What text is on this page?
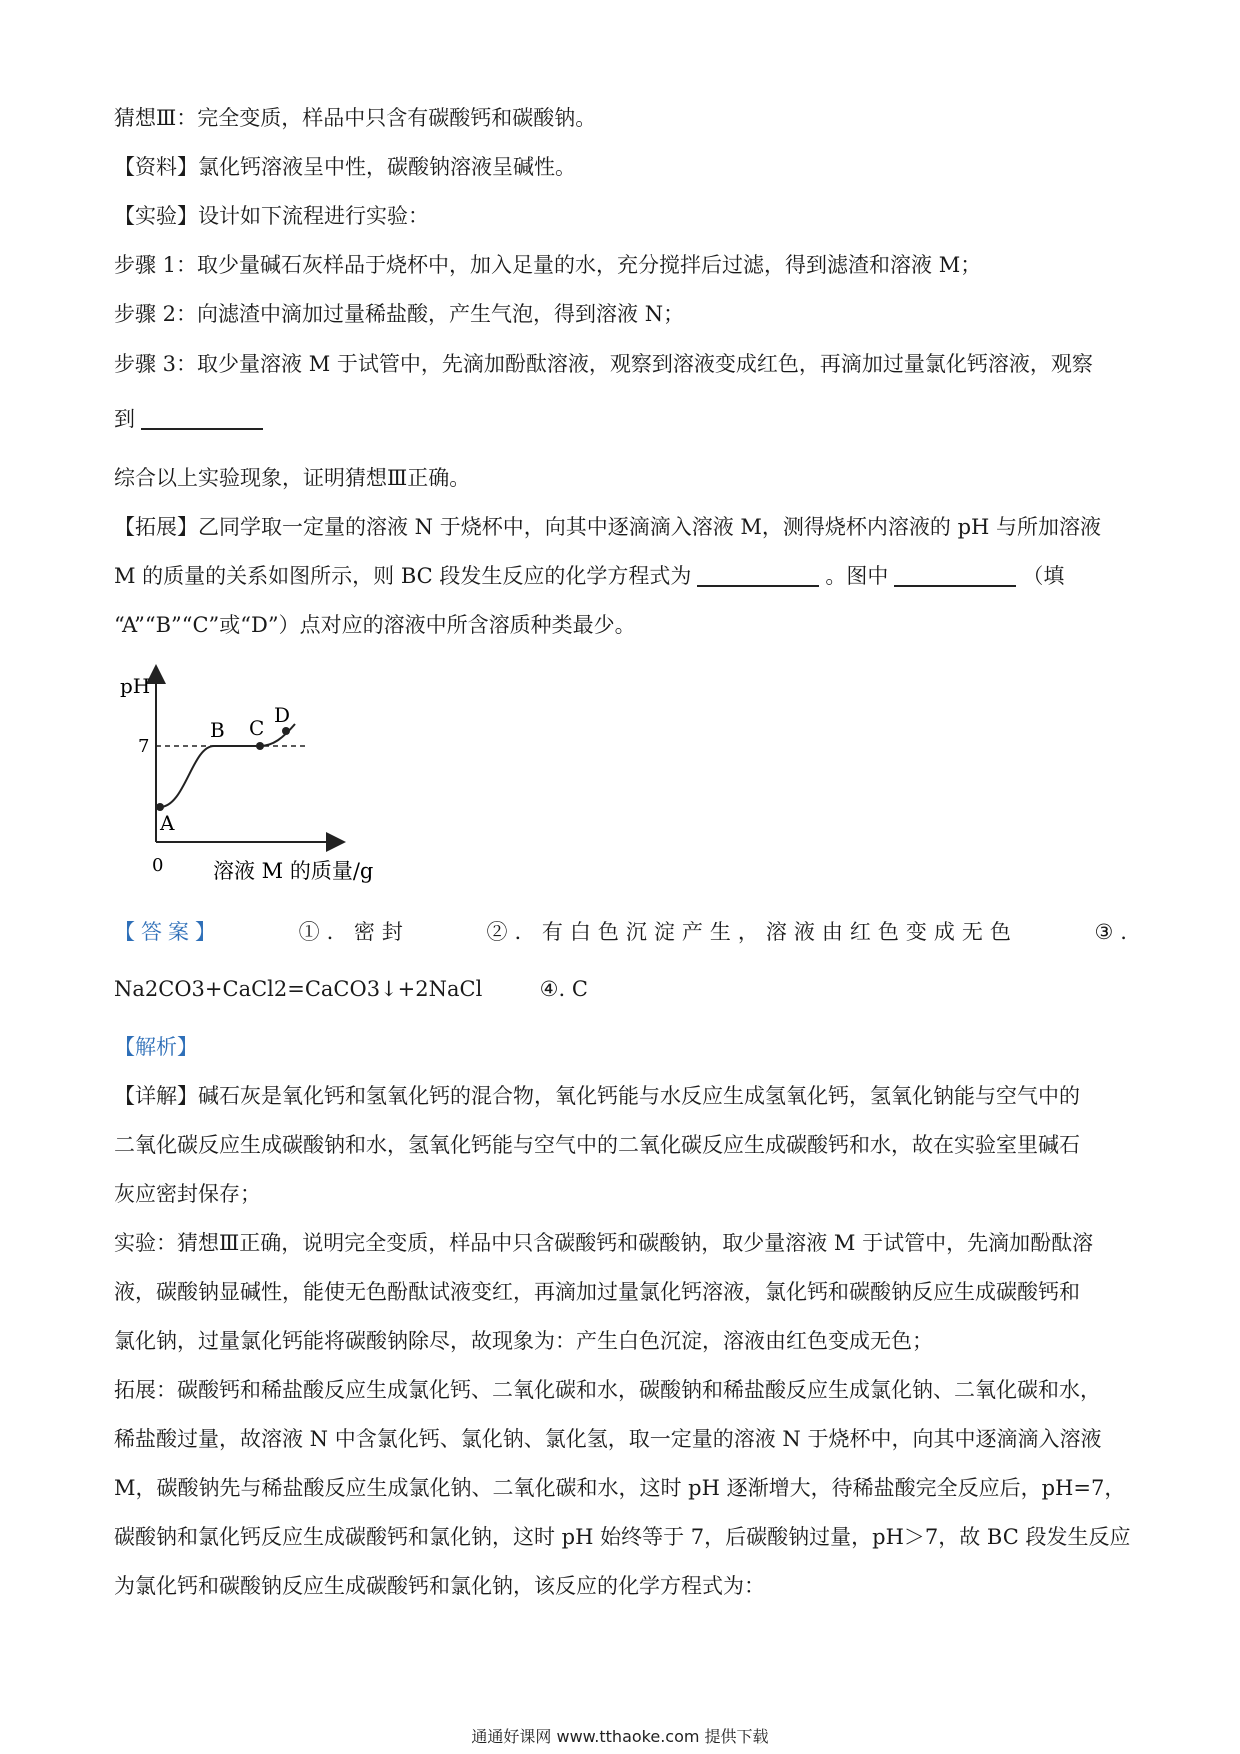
猜想Ⅲ：完全变质，样品中只含有碳酸钙和碳酸钠。
【资料】氯化钙溶液呈中性，碳酸钠溶液呈碱性。
【实验】设计如下流程进行实验：
步骤 1：取少量碱石灰样品于烧杯中，加入足量的水，充分搅拌后过滤，得到滤渣和溶液 M；
步骤 2：向滤渣中滴加过量稀盐酸，产生气泡，得到溶液 N；
步骤 3：取少量溶液 M 于试管中，先滴加酚酞溶液，观察到溶液变成红色，再滴加过量氯化钙溶液，观察
到
综合以上实验现象，证明猜想Ⅲ正确。
【拓展】乙同学取一定量的溶液 N 于烧杯中，向其中逐滴滴入溶液 M，测得烧杯内溶液的 pH 与所加溶液
M 的质量的关系如图所示，则 BC 段发生反应的化学方程式为	。图中	（填
“A”“B”“C”或“D”）点对应的溶液中所含溶质种类最少。
pH
7
A
B C
D
0 溶液 M 的质量/g
【答案】	①. 密封	②. 有白色沉淀产生，溶液由红色变成无色	③.
Na2CO3+CaCl2=CaCO3↓+2NaCl	④. C
【解析】
【详解】碱石灰是氧化钙和氢氧化钙的混合物，氧化钙能与水反应生成氢氧化钙，氢氧化钠能与空气中的
二氧化碳反应生成碳酸钠和水，氢氧化钙能与空气中的二氧化碳反应生成碳酸钙和水，故在实验室里碱石
灰应密封保存；
实验：猜想Ⅲ正确，说明完全变质，样品中只含碳酸钙和碳酸钠，取少量溶液 M 于试管中，先滴加酚酞溶
液，碳酸钠显碱性，能使无色酚酞试液变红，再滴加过量氯化钙溶液，氯化钙和碳酸钠反应生成碳酸钙和
氯化钠，过量氯化钙能将碳酸钠除尽，故现象为：产生白色沉淀，溶液由红色变成无色；
拓展：碳酸钙和稀盐酸反应生成氯化钙、二氧化碳和水，碳酸钠和稀盐酸反应生成氯化钠、二氧化碳和水，
稀盐酸过量，故溶液 N 中含氯化钙、氯化钠、氯化氢，取一定量的溶液 N 于烧杯中，向其中逐滴滴入溶液
M，碳酸钠先与稀盐酸反应生成氯化钠、二氧化碳和水，这时 pH 逐渐增大，待稀盐酸完全反应后，pH=7，
碳酸钠和氯化钙反应生成碳酸钙和氯化钠，这时 pH 始终等于 7，后碳酸钠过量，pH＞7，故 BC 段发生反应
为氯化钙和碳酸钠反应生成碳酸钙和氯化钠，该反应的化学方程式为：
通通好课网 www.tthaoke.com 提供下载
